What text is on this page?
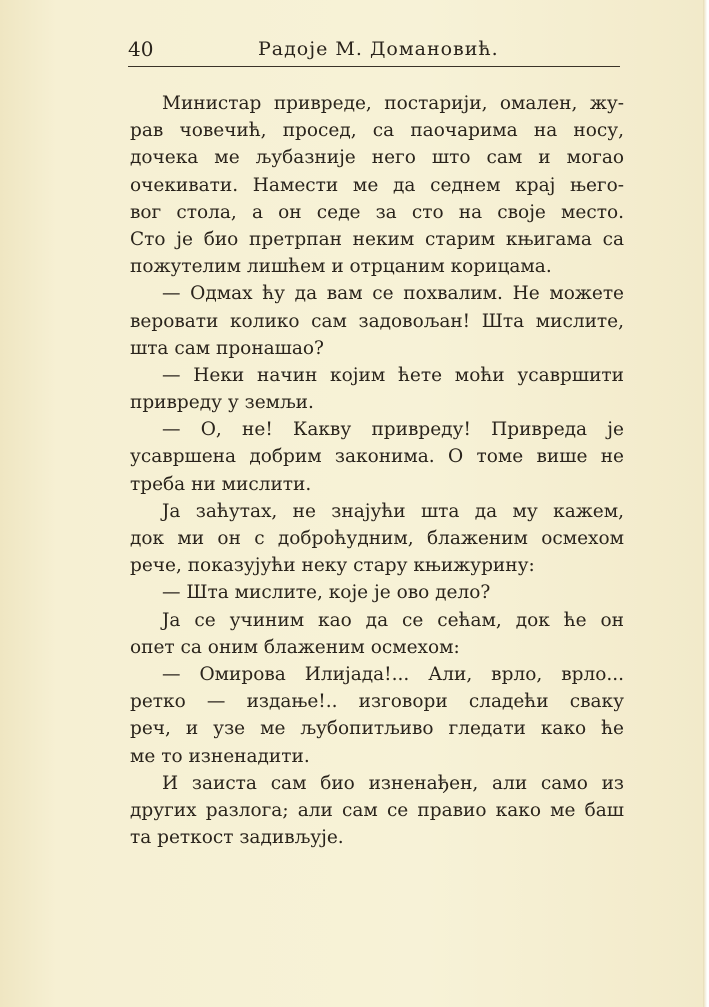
40	Радоје М. Домановић.
Министар привреде, постарији, омален, жу-
рав човечић, просед, са паочарима на носу,
дочека ме љубазније него што сам и могао
очекивати. Намести ме да седнем крај њего-
вог стола, а он седе за сто на своје место.
Сто је био претрпан неким старим књигама са
пожутелим лишћем и отрцаним корицама.
— Одмах ћу да вам се похвалим. Не можете
веровати колико сам задовољан! Шта мислите,
шта сам пронашао?
— Неки начин којим ћете моћи усавршити
привреду у земљи.
— О, не! Какву привреду! Привреда је
усавршена добрим законима. О томе више не
треба ни мислити.
Ја заћутах, не знајући шта да му кажем,
док ми он с доброћудним, блаженим осмехом
рече, показујући неку стару књижурину:
— Шта мислите, које је ово дело?
Ја се учиним као да се сећам, док ће он
опет са оним блаженим осмехом:
— Омирова Илијада!... Али, врло, врло...
ретко — издање!.. изговори сладећи сваку
реч, и узе ме љубопитљиво гледати како ће
ме то изненадити.
И заиста сам био изненађен, али само из
других разлога; али сам се правио како ме баш
та реткост задивљује.
